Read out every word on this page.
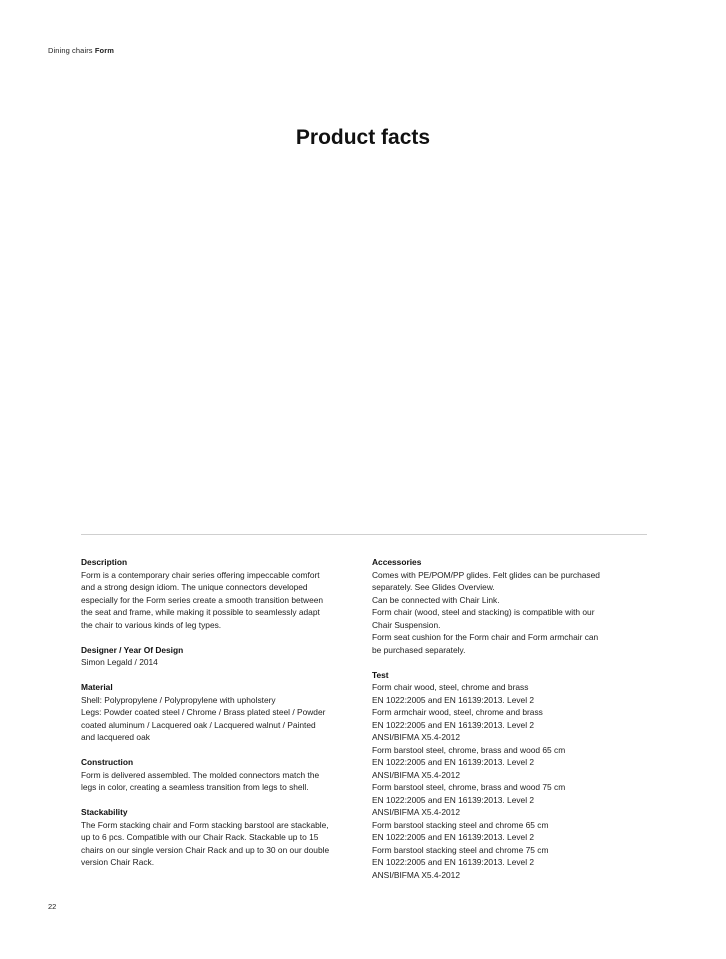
Dining chairs Form
Product facts
Description
Form is a contemporary chair series offering impeccable comfort
and a strong design idiom. The unique connectors developed
especially for the Form series create a smooth transition between
the seat and frame, while making it possible to seamlessly adapt
the chair to various kinds of leg types.
Designer / Year Of Design
Simon Legald / 2014
Material
Shell: Polypropylene / Polypropylene with upholstery
Legs: Powder coated steel / Chrome / Brass plated steel / Powder
coated aluminum / Lacquered oak / Lacquered walnut / Painted
and lacquered oak
Construction
Form is delivered assembled. The molded connectors match the
legs in color, creating a seamless transition from legs to shell.
Stackability
The Form stacking chair and Form stacking barstool are stackable,
up to 6 pcs. Compatible with our Chair Rack. Stackable up to 15
chairs on our single version Chair Rack and up to 30 on our double
version Chair Rack.
Accessories
Comes with PE/POM/PP glides. Felt glides can be purchased
separately. See Glides Overview.
Can be connected with Chair Link.
Form chair (wood, steel and stacking) is compatible with our
Chair Suspension.
Form seat cushion for the Form chair and Form armchair can
be purchased separately.
Test
Form chair wood, steel, chrome and brass
EN 1022:2005 and EN 16139:2013. Level 2
Form armchair wood, steel, chrome and brass
EN 1022:2005 and EN 16139:2013. Level 2
ANSI/BIFMA X5.4-2012
Form barstool steel, chrome, brass and wood 65 cm
EN 1022:2005 and EN 16139:2013. Level 2
ANSI/BIFMA X5.4-2012
Form barstool steel, chrome, brass and wood 75 cm
EN 1022:2005 and EN 16139:2013. Level 2
ANSI/BIFMA X5.4-2012
Form barstool stacking steel and chrome 65 cm
EN 1022:2005 and EN 16139:2013. Level 2
Form barstool stacking steel and chrome 75 cm
EN 1022:2005 and EN 16139:2013. Level 2
ANSI/BIFMA X5.4-2012
22
